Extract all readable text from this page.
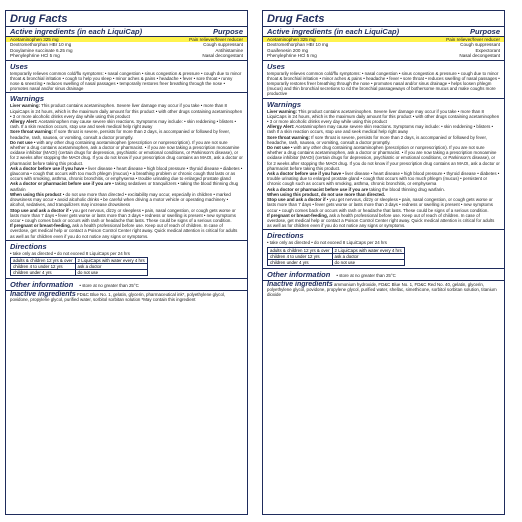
Drug Facts
Active ingredients (in each LiquiCap)	Purpose
Acetaminophen 325 mg	Pain reliever/fever reducer
Dextromethorphan HBr 10 mg	Cough suppressant
Doxylamine succinate 6.25 mg	Antihistamine
Phenylephrine HCl 5 mg	Nasal decongestant
Uses
temporarily relieves common cold/flu symptoms: • nasal congestion • sinus congestion & pressure • cough due to minor throat & bronchial irritation • cough to help you sleep • minor aches & pains • headache • fever • sore throat • runny nose & sneezing • reduces swelling of nasal passages • temporarily restores freer breathing through the nose • promotes nasal and/or sinus drainage
Warnings
Liver warning: This product contains acetaminophen. Severe liver damage may occur if you take • more than 8 LiquiCaps in 24 hours, which is the maximum daily amount for this product • with other drugs containing acetaminophen • 3 or more alcoholic drinks every day while using this product
Allergy Alert: Acetaminophen may cause severe skin reactions. Symptoms may include: • skin reddening • blisters • rash. If a skin reaction occurs, stop use and seek medical help right away
Sore throat warning: If sore throat is severe, persists for more than 2 days, is accompanied or followed by fever, headache, rash, nausea, or vomiting, consult a doctor promptly.
Do not use • with any other drug containing acetaminophen (prescription or nonprescription). If you are not sure whether a drug contains acetaminophen, ask a doctor or pharmacist. • if you are now taking a prescription monoamine oxidase inhibitor (MAOI) (certain drugs for depression, psychiatric or emotional conditions, or Parkinson's disease), or for 2 weeks after stopping the MAOI drug. If you do not know if your prescription drug contains an MAOI, ask a doctor or pharmacist before taking this product.
Ask a doctor before use if you have • liver disease • heart disease • high blood pressure • thyroid disease • diabetes • glaucoma • cough that occurs with too much phlegm (mucus) • a breathing problem or chronic cough that lasts or as occurs with smoking, asthma, chronic bronchitis, or emphysema • trouble urinating due to enlarged prostate gland
Ask a doctor or pharmacist before use if you are • taking sedatives or tranquilizers • taking the blood thinning drug warfarin
When using this product • do not use more than directed • excitability may occur, especially in children • marked drowsiness may occur • avoid alcoholic drinks • be careful when driving a motor vehicle or operating machinery • alcohol, sedatives, and tranquilizers may increase drowsiness
Stop use and ask a doctor if • you get nervous, dizzy or sleepless • pain, nasal congestion, or cough gets worse or lasts more than 7 days • fever gets worse or lasts more than 3 days • redness or swelling is present • new symptoms occur • cough comes back or occurs with rash or headache that lasts. These could be signs of a serious condition.
If pregnant or breast-feeding, ask a health professional before use. Keep out of reach of children. In case of overdose, get medical help or contact a Poison Control Center right away. Quick medical attention is critical for adults as well as for children even if you do not notice any signs or symptoms.
Directions
• take only as directed • do not exceed 8 LiquiCaps per 24 hrs
adults & children 12 yrs & over	2 LiquiCaps with water every 4 hrs
children 4 to under 12 yrs	ask a doctor
children under 4 yrs	do not use
Other information • store at no greater than 25°C
Inactive ingredients FD&C Blue No. 1, gelatin, glycerin, pharmaceutical ink*, polyethylene glycol, povidone, propylene glycol, purified water, sorbitol sorbitan solution *May contain this ingredient
Drug Facts
Active ingredients (in each LiquiCap)	Purpose
Acetaminophen 325 mg	Pain reliever/fever reducer
Dextromethorphan HBr 10 mg	Cough suppressant
Guaifenesin 200 mg	Expectorant
Phenylephrine HCl 5 mg	Nasal decongestant
Uses
temporarily relieves common cold/flu symptoms: • nasal congestion • sinus congestion & pressure • cough due to minor throat & bronchial irritation • minor aches & pains • headache • fever • sore throat • reduces swelling of nasal passages • temporarily restores freer breathing through the nose • promotes nasal and/or sinus drainage • helps loosen phlegm (mucus) and thin bronchial secretions to rid the bronchial passageways of bothersome mucus and make coughs more productive
Warnings
Liver warning: This product contains acetaminophen. Severe liver damage may occur if you take • more than 8 LiquiCaps in 24 hours, which is the maximum daily amount for this product • with other drugs containing acetaminophen • 3 or more alcoholic drinks every day while using this product
Allergy Alert: Acetaminophen may cause severe skin reactions. Symptoms may include: • skin reddening • blisters • rash If a skin reaction occurs, stop use and seek medical help right away
Sore throat warning: If sore throat is severe, persists for more than 2 days, is accompanied or followed by fever, headache, rash, nausea, or vomiting, consult a doctor promptly.
Do not use • with any other drug containing acetaminophen (prescription or nonprescription). If you are not sure whether a drug contains acetaminophen, ask a doctor or pharmacist. • if you are now taking a prescription monoamine oxidase inhibitor (MAOI) (certain drugs for depression, psychiatric or emotional conditions, or Parkinson's disease), or for 2 weeks after stopping the MAOI drug. If you do not know if your prescription drug contains an MAOI, ask a doctor or pharmacist before taking this product.
Ask a doctor before use if you have • liver disease • heart disease • high blood pressure • thyroid disease • diabetes • trouble urinating due to enlarged prostate gland • cough that occurs with too much phlegm (mucus) • persistent or chronic cough such as occurs with smoking, asthma, chronic bronchitis, or emphysema
Ask a doctor or pharmacist before use if you are taking the blood thinning drug warfarin.
When using this product, do not use more than directed.
Stop use and ask a doctor if • you get nervous, dizzy or sleepless • pain, nasal congestion, or cough gets worse or lasts more than 7 days • fever gets worse or lasts more than 3 days • redness or swelling is present • new symptoms occur • cough comes back or occurs with rash or headache that lasts. These could be signs of a serious condition.
If pregnant or breast-feeding, ask a health professional before use. Keep out of reach of children. In case of overdose, get medical help or contact a Poison Control Center right away. Quick medical attention is critical for adults as well as for children even if you do not notice any signs or symptoms.
Directions
• take only as directed • do not exceed 8 LiquiCaps per 24 hrs
adults & children 12 yrs & over	2 LiquiCaps with water every 4 hrs
children 4 to under 12 yrs	ask a doctor
children under 4 yrs	do not use
Other information • store at no greater than 25°C
Inactive ingredients ammonium hydroxide, FD&C Blue No. 1, FD&C Red No. 40, gelatin, glycerin, polyethylene glycol, povidone, propylene glycol, purified water, shellac, simethicone, sorbitol sorbitan solution, titanium dioxide
